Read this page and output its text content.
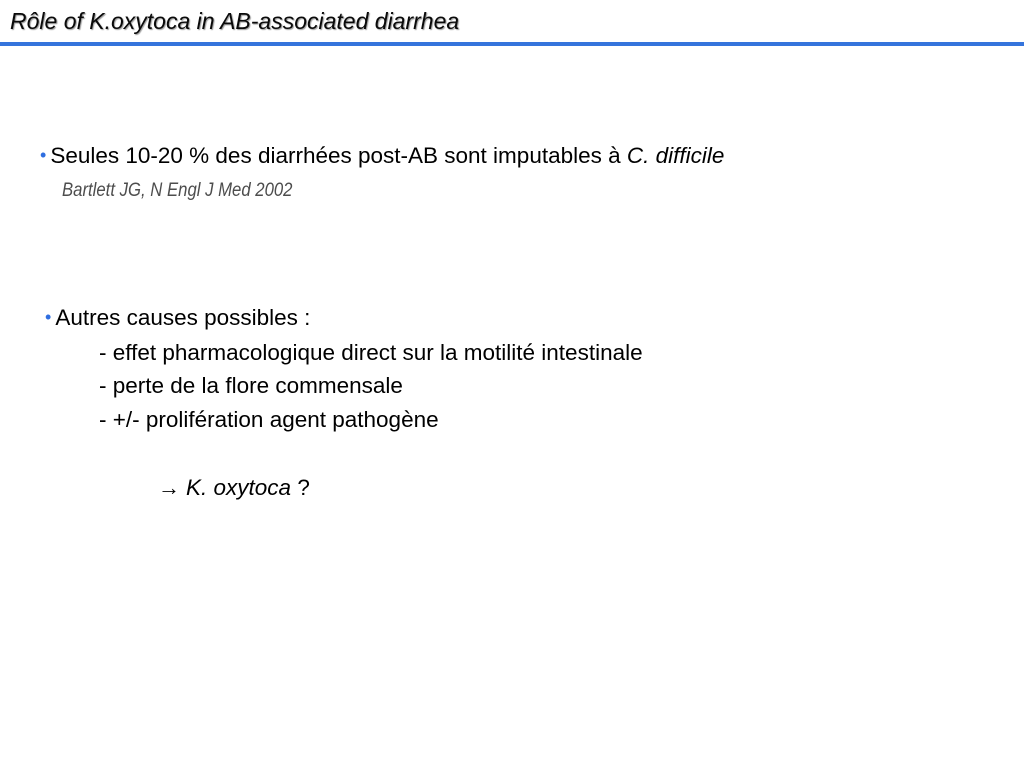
Rôle of K.oxytoca in AB-associated diarrhea
• Seules 10-20 % des diarrhées post-AB sont imputables à C. difficile
Bartlett JG, N Engl J Med 2002
• Autres causes possibles :
- effet pharmacologique direct sur la motilité intestinale
- perte de la flore commensale
- +/- prolifération agent pathogène
→ K. oxytoca ?
